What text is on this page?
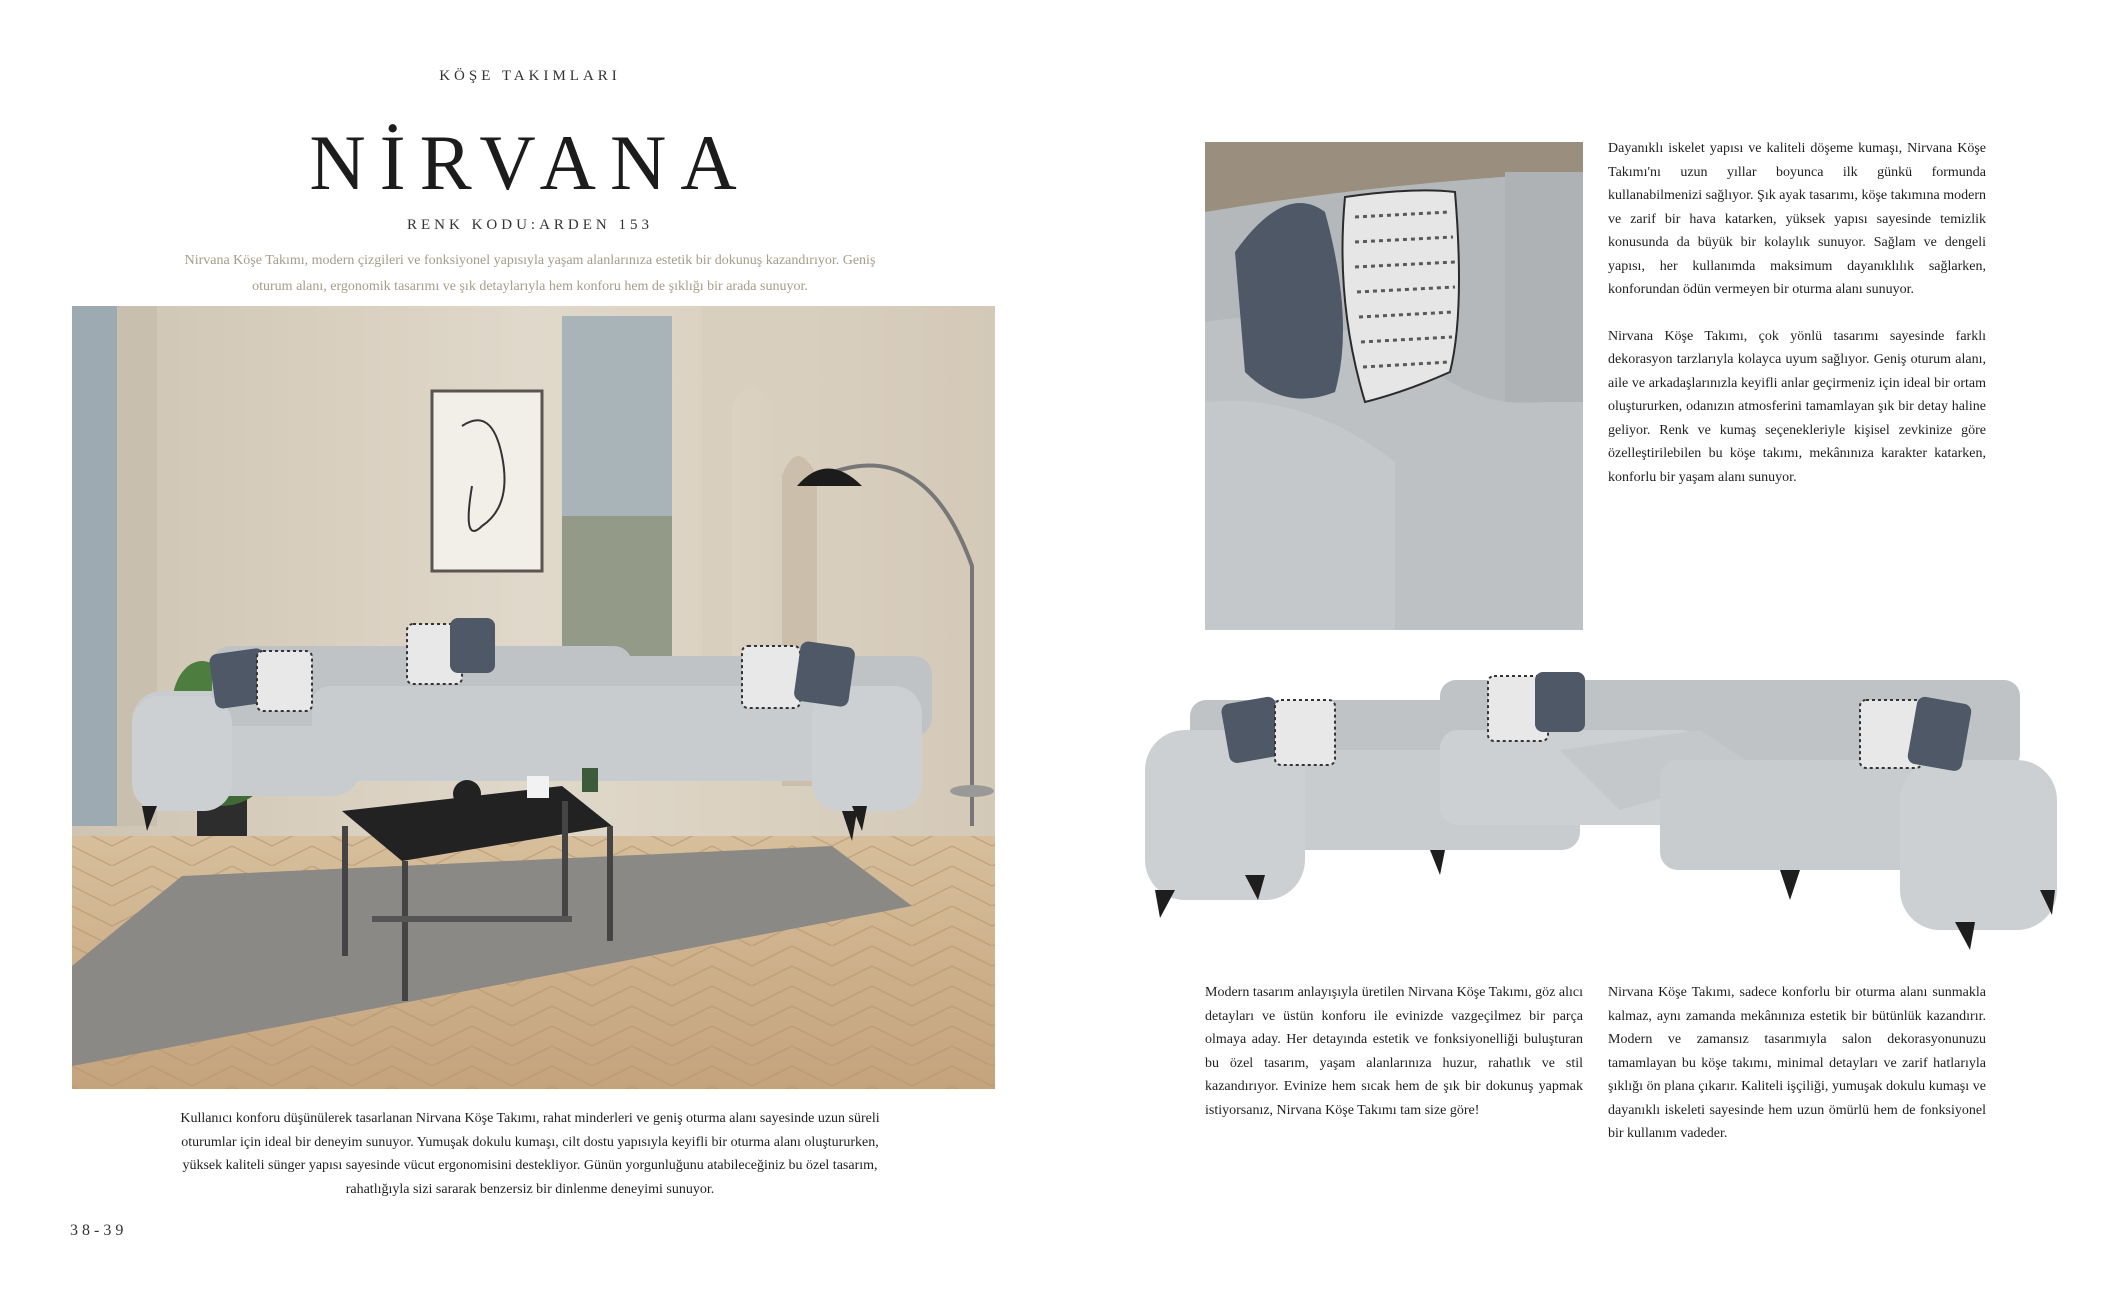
KÖŞE TAKIMLARI
NİRVANA
RENK KODU:ARDEN 153
Nirvana Köşe Takımı, modern çizgileri ve fonksiyonel yapısıyla yaşam alanlarınıza estetik bir dokunuş kazandırıyor. Geniş
oturum alanı, ergonomik tasarımı ve şık detaylarıyla hem konforu hem de şıklığı bir arada sunuyor.
Kullanıcı konforu düşünülerek tasarlanan Nirvana Köşe Takımı, rahat minderleri ve geniş oturma alanı sayesinde uzun süreli
oturumlar için ideal bir deneyim sunuyor. Yumuşak dokulu kumaşı, cilt dostu yapısıyla keyifli bir oturma alanı oluştururken,
yüksek kaliteli sünger yapısı sayesinde vücut ergonomisini destekliyor. Günün yorgunluğunu atabileceğiniz bu özel tasarım,
rahatlığıyla sizi sararak benzersiz bir dinlenme deneyimi sunuyor.
38-39

Dayanıklı iskelet yapısı ve kaliteli döşeme kumaşı, Nirvana Köşe Takımı'nı uzun yıllar boyunca ilk günkü formunda kullanabilmenizi sağlıyor. Şık ayak tasarımı, köşe takımına modern ve zarif bir hava katarken, yüksek yapısı sayesinde temizlik konusunda da büyük bir kolaylık sunuyor. Sağlam ve dengeli yapısı, her kullanımda maksimum dayanıklılık sağlarken, konforundan ödün vermeyen bir oturma alanı sunuyor.

Nirvana Köşe Takımı, çok yönlü tasarımı sayesinde farklı dekorasyon tarzlarıyla kolayca uyum sağlıyor. Geniş oturum alanı, aile ve arkadaşlarınızla keyifli anlar geçirmeniz için ideal bir ortam oluştururken, odanızın atmosferini tamamlayan şık bir detay haline geliyor. Renk ve kumaş seçenekleriyle kişisel zevkinize göre özelleştirilebilen bu köşe takımı, mekânınıza karakter katarken, konforlu bir yaşam alanı sunuyor.

Modern tasarım anlayışıyla üretilen Nirvana Köşe Takımı, göz alıcı detayları ve üstün konforu ile evinizde vazgeçilmez bir parça olmaya aday. Her detayında estetik ve fonksiyonelliği buluşturan bu özel tasarım, yaşam alanlarınıza huzur, rahatlık ve stil kazandırıyor. Evinize hem sıcak hem de şık bir dokunuş yapmak istiyorsanız, Nirvana Köşe Takımı tam size göre!
Nirvana Köşe Takımı, sadece konforlu bir oturma alanı sunmakla kalmaz, aynı zamanda mekânınıza estetik bir bütünlük kazandırır. Modern ve zamansız tasarımıyla salon dekorasyonunuzu tamamlayan bu köşe takımı, minimal detayları ve zarif hatlarıyla şıklığı ön plana çıkarır. Kaliteli işçiliği, yumuşak dokulu kumaşı ve dayanıklı iskeleti sayesinde hem uzun ömürlü hem de fonksiyonel bir kullanım vadeder.
